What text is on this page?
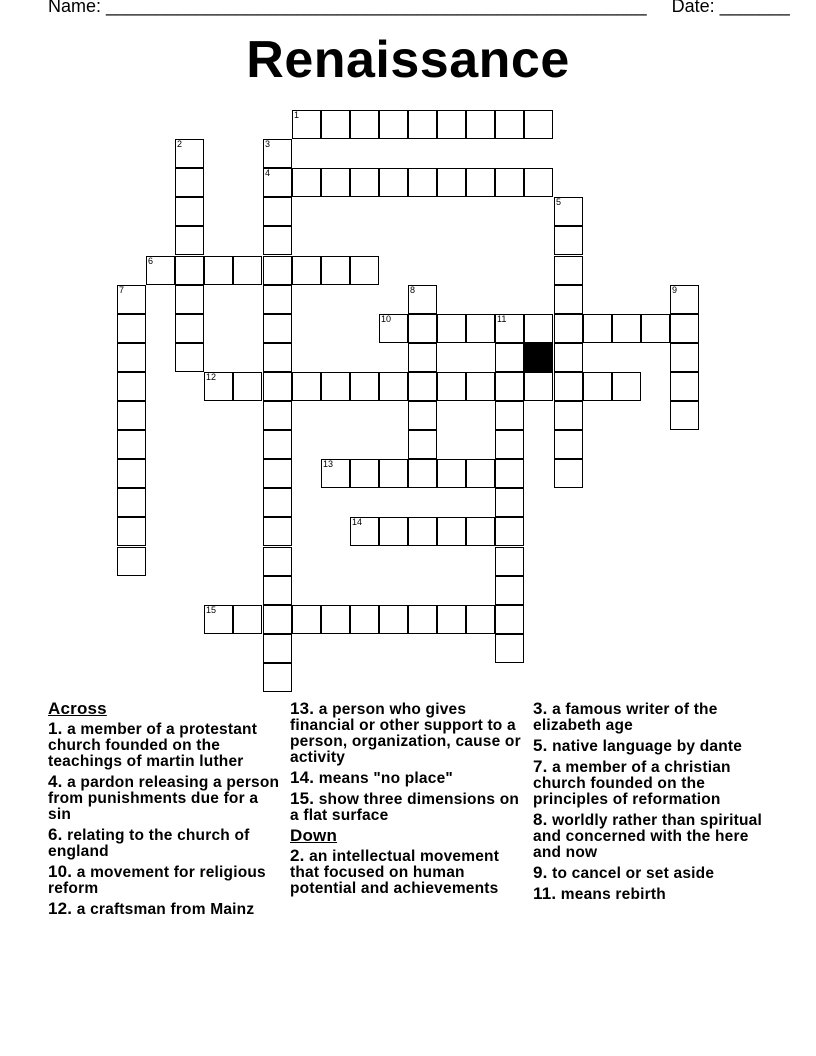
Name: ______________________________________________________ Date: _______
Renaissance
1
2	3
4
5
6
7	8	9
10	11
12
13
14
15
Across
1. a member of a protestant church founded on the teachings of martin luther
4. a pardon releasing a person from punishments due for a sin
6. relating to the church of england
10. a movement for religious reform
12. a craftsman from Mainz
13. a person who gives financial or other support to a person, organization, cause or activity
14. means "no place"
15. show three dimensions on a flat surface
Down
2. an intellectual movement that focused on human potential and achievements
3. a famous writer of the elizabeth age
5. native language by dante
7. a member of a christian church founded on the principles of reformation
8. worldly rather than spiritual and concerned with the here and now
9. to cancel or set aside
11. means rebirth
